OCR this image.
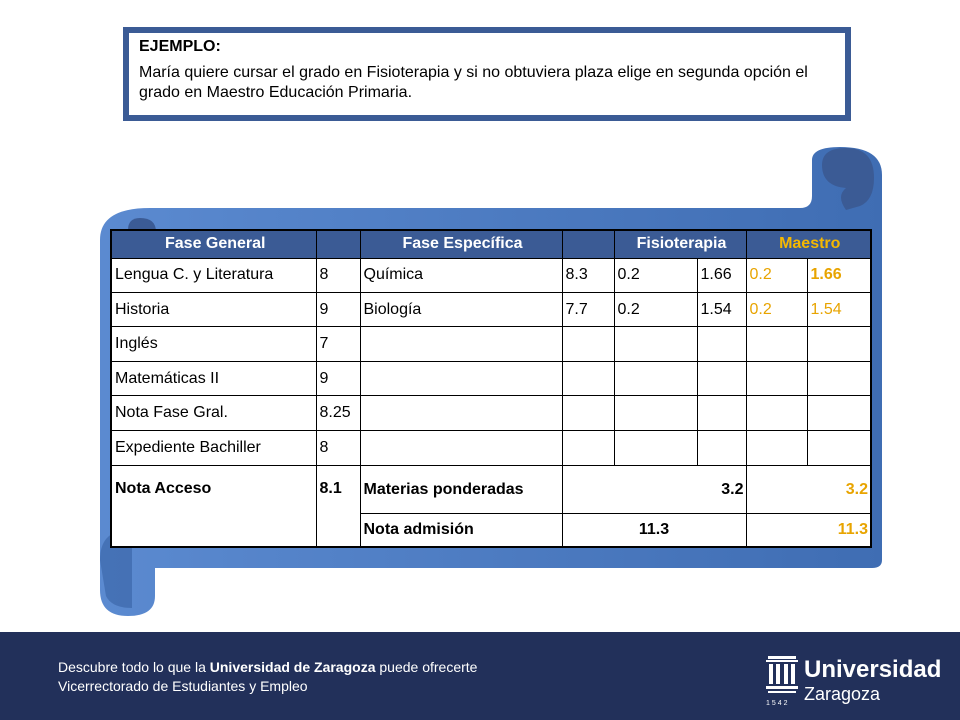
EJEMPLO:
María quiere cursar el grado en Fisioterapia y si no obtuviera plaza elige en segunda opción el grado en Maestro Educación Primaria.
Fase General		Fase Específica		Fisioterapia		Maestro	
Lengua C. y Literatura	8	Química	8.3	0.2	1.66	0.2	1.66
Historia	9	Biología	7.7	0.2	1.54	0.2	1.54
Inglés	7						
Matemáticas II	9						
Nota Fase Gral.	8.25						
Expediente Bachiller	8						
Nota Acceso	8.1	Materias ponderadas	3.2			3.2	
		Nota admisión	11.3			11.3	
Descubre todo lo que la Universidad de Zaragoza puede ofrecerte
Vicerrectorado de Estudiantes y Empleo
1542
Universidad
Zaragoza
